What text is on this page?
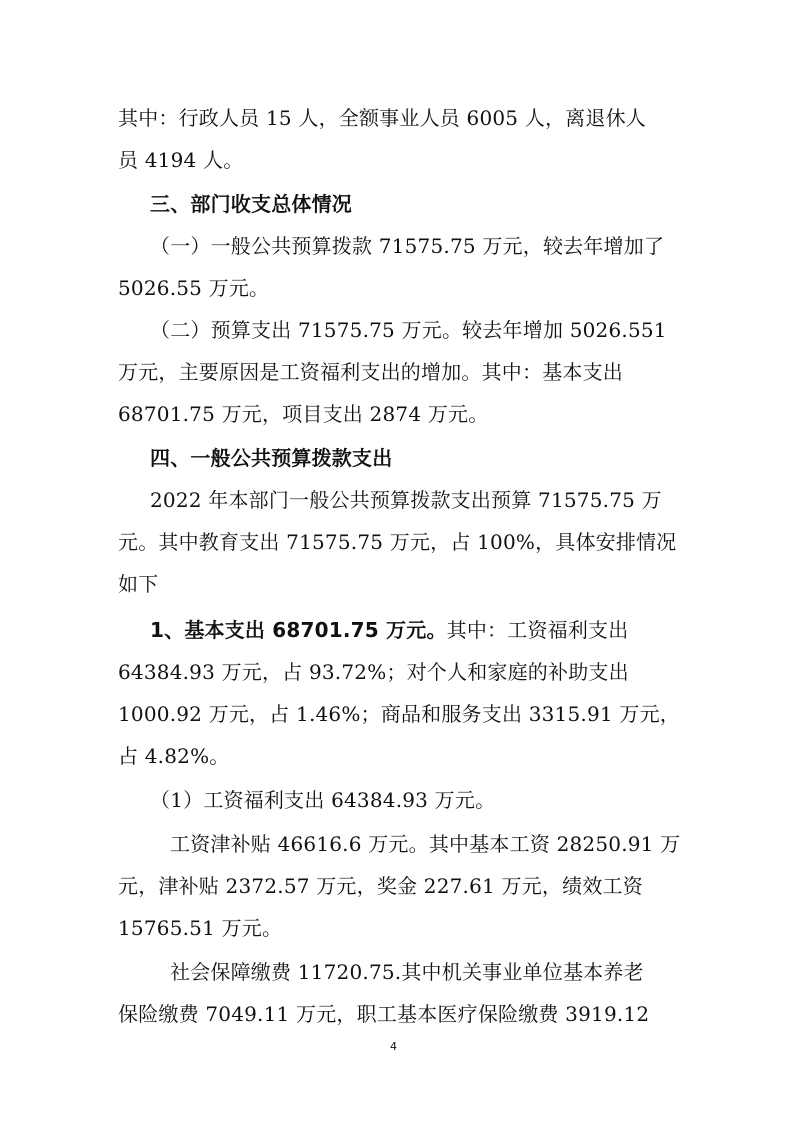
其中：行政人员 15 人，全额事业人员 6005 人，离退休人
员 4194 人。
三、部门收支总体情况
（一）一般公共预算拨款 71575.75 万元，较去年增加了
5026.55 万元。
（二）预算支出 71575.75 万元。较去年增加 5026.551
万元，主要原因是工资福利支出的增加。其中：基本支出
68701.75 万元，项目支出 2874 万元。
四、一般公共预算拨款支出
2022 年本部门一般公共预算拨款支出预算 71575.75 万
元。其中教育支出 71575.75 万元，占 100%，具体安排情况
如下
1、基本支出 68701.75 万元。其中：工资福利支出
64384.93 万元，占 93.72%；对个人和家庭的补助支出
1000.92 万元，占 1.46%；商品和服务支出 3315.91 万元，
占 4.82%。
（1）工资福利支出 64384.93 万元。
工资津补贴 46616.6 万元。其中基本工资 28250.91 万
元，津补贴 2372.57 万元，奖金 227.61 万元，绩效工资
15765.51 万元。
社会保障缴费 11720.75.其中机关事业单位基本养老
保险缴费 7049.11 万元，职工基本医疗保险缴费 3919.12
4
